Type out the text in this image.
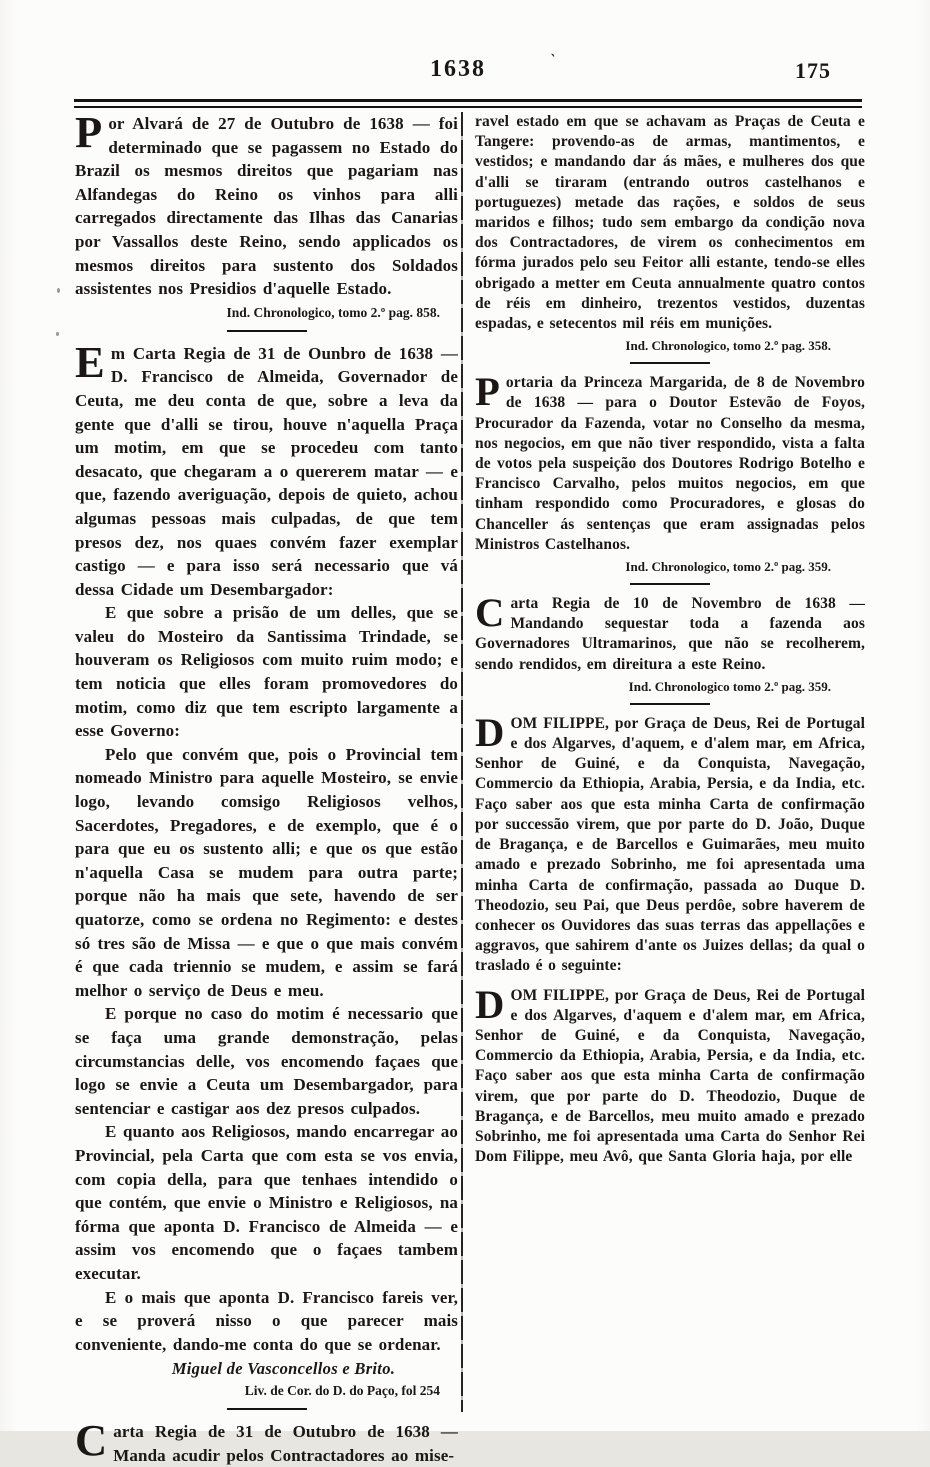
1638	175
`

Por Alvará de 27 de Outubro de 1638 — foi determinado que se pagassem no Estado do Brazil os mesmos direitos que pagariam nas Alfandegas do Reino os vinhos para alli carregados directamente das Ilhas das Canarias por Vassallos deste Reino, sendo applicados os mesmos direitos para sustento dos Soldados assistentes nos Presidios d'aquelle Estado.

Ind. Chronologico, tomo 2.º pag. 858.

Em Carta Regia de 31 de Ounbro de 1638 — D. Francisco de Almeida, Governador de Ceuta, me deu conta de que, sobre a leva da gente que d'alli se tirou, houve n'aquella Praça um motim, em que se procedeu com tanto desacato, que chegaram a o quererem matar — e que, fazendo averiguação, depois de quieto, achou algumas pessoas mais culpadas, de que tem presos dez, nos quaes convém fazer exemplar castigo — e para isso será necessario que vá dessa Cidade um Desembargador:

E que sobre a prisão de um delles, que se valeu do Mosteiro da Santissima Trindade, se houveram os Religiosos com muito ruim modo; e tem noticia que elles foram promovedores do motim, como diz que tem escripto largamente a esse Governo:

Pelo que convém que, pois o Provincial tem nomeado Ministro para aquelle Mosteiro, se envie logo, levando comsigo Religiosos velhos, Sacerdotes, Pregadores, e de exemplo, que é o para que eu os sustento alli; e que os que estão n'aquella Casa se mudem para outra parte; porque não ha mais que sete, havendo de ser quatorze, como se ordena no Regimento: e destes só tres são de Missa — e que o que mais convém é que cada triennio se mudem, e assim se fará melhor o serviço de Deus e meu.

E porque no caso do motim é necessario que se faça uma grande demonstração, pelas circumstancias delle, vos encomendo façaes que logo se envie a Ceuta um Desembargador, para sentenciar e castigar aos dez presos culpados.

E quanto aos Religiosos, mando encarregar ao Provincial, pela Carta que com esta se vos envia, com copia della, para que tenhaes intendido o que contém, que envie o Ministro e Religiosos, na fórma que aponta D. Francisco de Almeida — e assim vos encomendo que o façaes tambem executar.

E o mais que aponta D. Francisco fareis ver, e se proverá nisso o que parecer mais conveniente, dando-me conta do que se ordenar.

Miguel de Vasconcellos e Brito.
Liv. de Cor. do D. do Paço, fol 254

Carta Regia de 31 de Outubro de 1638 — Manda acudir pelos Contractadores ao mise-

ravel estado em que se achavam as Praças de Ceuta e Tangere: provendo-as de armas, mantimentos, e vestidos; e mandando dar ás mães, e mulheres dos que d'alli se tiraram (entrando outros castelhanos e portuguezes) metade das rações, e soldos de seus maridos e filhos; tudo sem embargo da condição nova dos Contractadores, de virem os conhecimentos em fórma jurados pelo seu Feitor alli estante, tendo-se elles obrigado a metter em Ceuta annualmente quatro contos de réis em dinheiro, trezentos vestidos, duzentas espadas, e setecentos mil réis em munições.

Ind. Chronologico, tomo 2.º pag. 358.

Portaria da Princeza Margarida, de 8 de Novembro de 1638 — para o Doutor Estevão de Foyos, Procurador da Fazenda, votar no Conselho da mesma, nos negocios, em que não tiver respondido, vista a falta de votos pela suspeição dos Doutores Rodrigo Botelho e Francisco Carvalho, pelos muitos negocios, em que tinham respondido como Procuradores, e glosas do Chanceller ás sentenças que eram assignadas pelos Ministros Castelhanos.

Ind. Chronologico, tomo 2.º pag. 359.

Carta Regia de 10 de Novembro de 1638 — Mandando sequestar toda a fazenda aos Governadores Ultramarinos, que não se recolherem, sendo rendidos, em direitura a este Reino.

Ind. Chronologico tomo 2.º pag. 359.

DOM FILIPPE, por Graça de Deus, Rei de Portugal e dos Algarves, d'aquem, e d'alem mar, em Africa, Senhor de Guiné, e da Conquista, Navegação, Commercio da Ethiopia, Arabia, Persia, e da India, etc. Faço saber aos que esta minha Carta de confirmação por successão virem, que por parte do D. João, Duque de Bragança, e de Barcellos e Guimarães, meu muito amado e prezado Sobrinho, me foi apresentada uma minha Carta de confirmação, passada ao Duque D. Theodozio, seu Pai, que Deus perdôe, sobre haverem de conhecer os Ouvidores das suas terras das appellações e aggravos, que sahirem d'ante os Juizes dellas; da qual o traslado é o seguinte:

DOM FILIPPE, por Graça de Deus, Rei de Portugal e dos Algarves, d'aquem e d'alem mar, em Africa, Senhor de Guiné, e da Conquista, Navegação, Commercio da Ethiopia, Arabia, Persia, e da India, etc. Faço saber aos que esta minha Carta de confirmação virem, que por parte do D. Theodozio, Duque de Bragança, e de Barcellos, meu muito amado e prezado Sobrinho, me foi apresentada uma Carta do Senhor Rei Dom Filippe, meu Avô, que Santa Gloria haja, por elle
